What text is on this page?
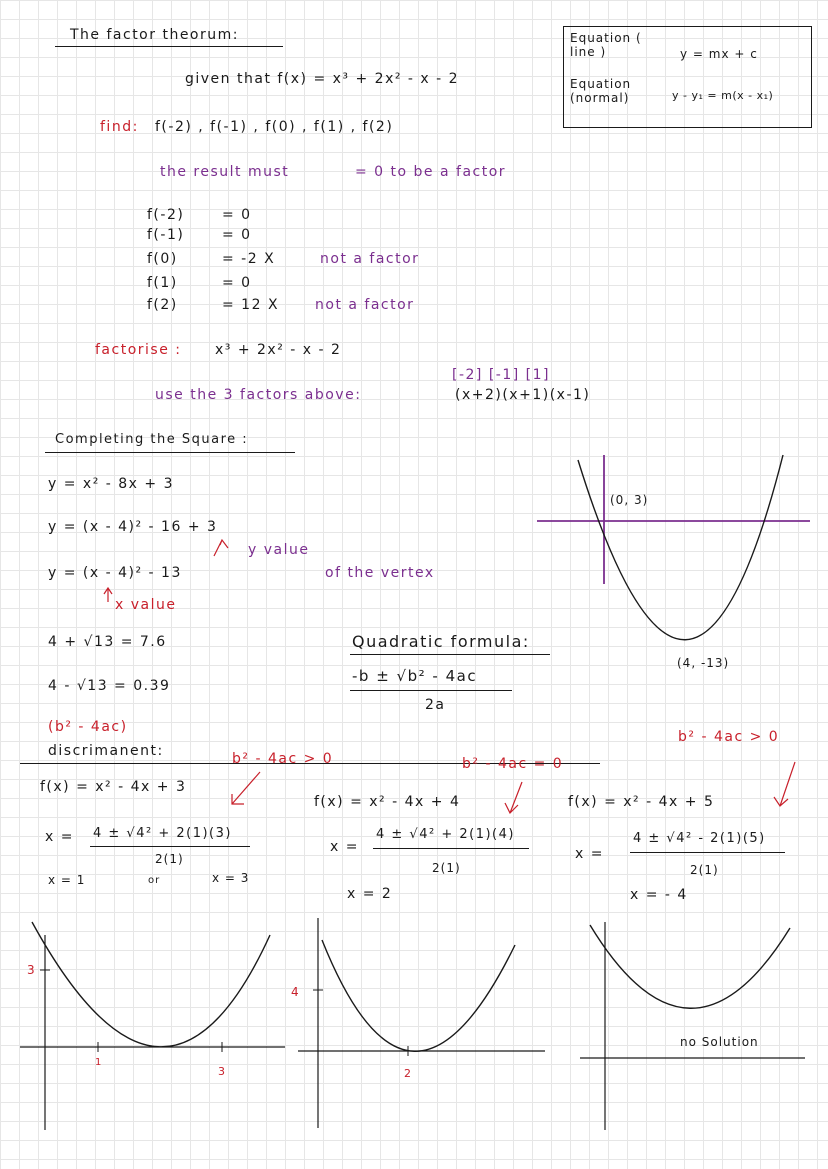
The factor theorum:
given that f(x) = x³ + 2x² - x - 2
find: f(-2) , f(-1) , f(0) , f(1) , f(2)
the result must	= 0 to be a factor
f(-2)	= 0
f(-1)	= 0
f(0)	= -2 X	not a factor
f(1)	= 0
f(2)	= 12 X	not a factor
factorise : x³ + 2x² - x - 2
[-2] [-1] [1]
use the 3 factors above:	(x+2)(x+1)(x-1)
Equation ( line )	y = mx + c
Equation (normal)	y - y₁ = m(x - x₁)
Completing the Square :
y = x² - 8x + 3
y = (x - 4)² - 16 + 3
y value
y = (x - 4)² - 13	of the vertex
x value
4 + √13 = 7.6
4 - √13 = 0.39
Quadratic formula:
-b ± √b² - 4ac
2a
(0, 3)
(4, -13)
(b² - 4ac)
discrimanent:	b² - 4ac > 0	b² - 4ac = 0
b² - 4ac > 0
f(x) = x² - 4x + 3
x = 4 ± √4² + 2(1)(3)
2(1)
x = 1	or	x = 3
f(x) = x² - 4x + 4
x =
4 ± √4² + 2(1)(4)
2(1)
x = 2
f(x) = x² - 4x + 5
x =
4 ± √4² - 2(1)(5)
2(1)
x = - 4
3
1
3
4
2
no Solution
